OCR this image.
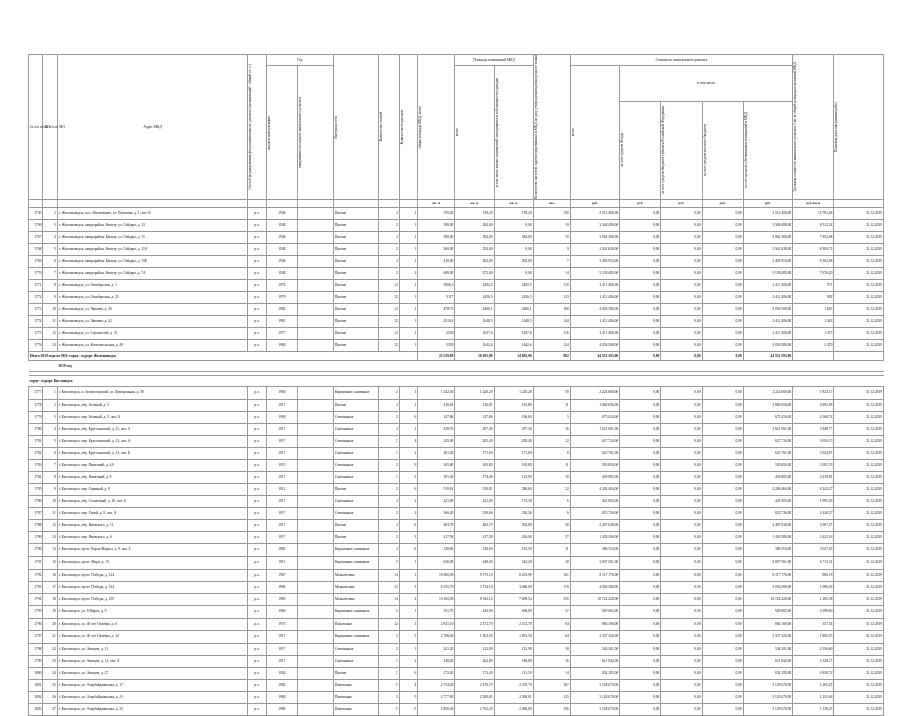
№ п/п по КП	№ п/п по МО	Адрес МКД	Способ формирования фонда капитального ремонта (специальный / общий сч. о.)	Год		Материал стен	Количество этажей	Количество подъездов	общая площадь МКД, всего	Площадь помещений МКД		Количество жителей, зарегистрированных в МКД на дату утверждения краткосрочного плана	Стоимость капитального ремонта					Удельная стоимость капитального ремонта 1 кв. м общей площади помещений МКД	Плановая дата завершения работ

				ввода в эксплуатацию	завершения последнего капитального ремонта					всего	в том числе жилых помещений, находящихся в собственности граждан		всего	в том числе					

														за счет средств Фонда	за счет средств бюджета субъекта Российской Федерации	за счет средств местного бюджета	за счет средств собственников помещений в МКД		

									кв. м	кв. м	кв. м	чел.	руб.	руб.	руб.	руб.	руб.	руб./кв.м	
1745	2	г. Железноводск, пос. Иноземцево, ул. Пушкина, д. 1, лит. В	р.о.	1948		Прочие	2	1	159,20	159,20	159,20	150	2 512 406,00	0,00	0,00	0,00	2 512 406,00	15 781,46	31.12.2019
1769	3	г. Железноводск, микрорайон. Бештау, ул. Гайдара, д. 13	р.о.	1948		Прочие	2	1	390,00	384,00	0,00	10	3 348 498,00	0,00	0,00	0,00	3 348 498,00	8 512,24	31.12.2019
1767	4	г. Железноводск, микрорайон. Бештау, ул. Гайдара, д. 15	р.о.	1948		Прочие	2	1	390,00	384,00	384,00	10	3 062 306,00	0,00	0,00	0,00	3 062 306,00	7 852,68	31.12.2019
1768	5	г. Железноводск, микрорайон. Бештау, ул. Гайдара, д. 15А	р.о.	1948		Прочие	2	1	360,00	354,00	0,00	9	2 941 638,00	0,00	0,00	0,00	2 941 638,00	8 309,71	31.12.2019
1766	6	г. Железноводск, микрорайон. Бештау, ул. Гайдара, д. 15Б	р.о.	1948		Прочие	2	1	410,00	402,00	402,00	7	3 403 954,00	0,00	0,00	0,00	3 403 954,00	9 164,96	31.12.2019
1770	7	г. Железноводск, микрорайон. Бештау, ул. Гайдара, д. 7А	р.о.	1948		Прочие	2	2	680,00	672,00	0,00	14	5 158 405,00	0,00	0,00	0,00	5 158 405,00	7 676,20	31.12.2019
1771	8	г. Железноводск, ул. Октябрьская, д. 1	р.о.	1974		Прочие	12	1	3006,3	2492,5	2492,5	119	2 411 406,00	0,00	0,00	0,00	2 411 406,00	971	31.12.2019
1772	9	г. Железноводск, ул. Октябрьская, д. 25	р.о.	1979		Прочие	12	1	3117	2456,5	2456,5	123	2 411 406,00	0,00	0,00	0,00	2 411 406,00	982	31.12.2019
1773	10	г. Железноводск, ул. Чапаева, д. 20	р.о.	1982		Прочие	12	1	4787,9	2466,1	2466,1	168	4 056 580,00	0,00	0,00	0,00	4 056 580,00	1 645	31.12.2019
1774	11	г. Железноводск, ул. Чапаева, д. 22	р.о.	1981		Прочие	12	1	2510,4	1648,5	1648,5	144	2 411 406,00	0,00	0,00	0,00	2 411 406,00	1 463	31.12.2019
1775	12	г. Железноводск, ул. Строителей, д. 31	р.о.	1977		Прочие	12	1	2548	1637,6	1637,6	116	2 411 406,00	0,00	0,00	0,00	2 411 406,00	1 473	31.12.2019
1776	13	г. Железноводск, ул. Комсомольская, д. 28	р.о.	1980		Прочие	12	1	2350	1642,6	1642,6	124	4 056 580,00	0,00	0,00	0,00	4 056 580,00	2 470	31.12.2019
Итого 2019 года по МО: город - курорт Железноводск									23 529,80	16 305,90	14 895,90	982	44 552 593,00	0,00	0,00	0,00	44 552 593,00		
2019 год																			

город - курорт Кисловодск																			
1777	1	г. Кисловодск, п. Зеленогорский, ул. Центральная, д. 58	р.о.	1960		Кирпичные, каменные	2	1	1 342,00	1 220,20	1 220,20	50	2 224 660,00	0,00	0,00	0,00	2 224 660,00	1 823,17	31.12.2019
1778	2	г. Кисловодск, пер. Зеленый, д. 3	р.о.	1917		Прочие	2	1	216,81	216,81	161,86	11	1 060 656,00	0,00	0,00	0,00	1 060 656,00	4 892,09	31.12.2019
1779	3	г. Кисловодск, пер. Зеленый, д. 5, лит. А	р.о.	1900		Смешанные	2	6	147,86	147,86	106,60	5	675 410,00	0,00	0,00	0,00	675 410,00	4 568,74	31.12.2019
1780	4	г. Кисловодск, пер. Крестьянский, д. 11, лит. А	р.о.	1917		Смешанные	2	1	428,76	297,36	297,36	16	1 021 061,00	0,00	0,00	0,00	1 021 061,00	3 948,77	31.12.2019
1781	5	г. Кисловодск, пер. Крестьянский, д. 13, лит. А	р.о.	1917		Смешанные	1	4	225,00	205,40	205,40	12	627 734,00	0,00	0,00	0,00	627 734,00	3 056,15	31.12.2019
1782	6	г. Кисловодск, пер. Крестьянский, д. 13, лит. Б	р.о.	1917		Смешанные	1	2	261,20	171,60	171,60	8	623 761,00	0,00	0,00	0,00	623 761,00	3 634,97	31.12.2019
1783	7	г. Кисловодск, пер. Пикетный, д. 4А	р.о.	1915		Смешанные	2	9	165,80	165,80	165,80	11	593 850,00	0,00	0,00	0,00	593 850,00	3 581,76	31.12.2019
1784	8	г. Кисловодск, пер. Пикетный, д. 8	р.о.	1917		Смешанные	1	3	181,30	174,40	123,90	18	456 885,00	0,00	0,00	0,00	456 885,00	2 619,81	31.12.2019
1785	9	г. Кисловодск, пер. Сиреный, д. 8	р.о.	1912		Прочие	2	6	519,81	519,81	386,60	52	4 284 464,00	0,00	0,00	0,00	4 284 464,00	8 242,37	31.12.2019
1786	10	г. Кисловодск, пер. Солнечный, д. 16, лит. Б	р.о.	1917		Смешанные	2	2	221,00	221,00	172,30	6	441 003,00	0,00	0,00	0,00	441 003,00	1 995,49	31.12.2019
1787	11	г. Кисловодск, пер. Узкий, д. 9, лит. А	р.о.	1917		Смешанные	2	2	366,20	339,66	330,36	6	823 736,00	0,00	0,00	0,00	823 736,00	2 428,57	31.12.2019
1788	12	г. Кисловодск, пер. Яновского, д. 11	р.о.	1917		Прочие	2	6	484,70	484,70	392,80	38	2 407 638,00	0,00	0,00	0,00	2 407 638,00	4 967,27	31.12.2019
1789	13	г. Кисловодск, пер. Яновского, д. 6	р.о.	1917		Прочие	2	3	417,58	417,58	416,00	37	1 430 280,00	0,00	0,00	0,00	1 430 280,00	3 425,16	31.12.2019
1790	14	г. Кисловодск, пр-кт. Карла Маркса, д. 8, лит. Б	р.о.	1881		Кирпичные, каменные	2	6	128,60	128,60	101,50	11	386 354,00	0,00	0,00	0,00	386 354,00	3 027,63	31.12.2019
1791	15	г. Кисловодск, пр-кт. Мира, д. 19	р.о.	1913		Кирпичные, каменные	3	1	640,00	448,00	342,20	28	3 007 561,00	0,00	0,00	0,00	3 007 561,00	6 713,31	31.12.2019
1792	16	г. Кисловодск, пр-кт. Победы, д. 124	р.о.	1967		Монолитные	14	1	10 560,00	9 175,10	8 453,00	161	8 117 176,00	0,00	0,00	0,00	8 117 176,00	886,18	31.12.2019
1793	17	г. Кисловодск, пр-кт. Победы, д. 134	р.о.	1984		Монолитные	12	3	6 335,70	3 734,10	3 480,00	170	4 056 580,00	0,00	0,00	0,00	4 056 580,00	1 086,36	31.12.2019
1794	18	г. Кисловодск, пр-кт. Победы, д. 159	р.о.	1985		Монолитные	14	2	10 182,00	8 343,14	7 699,54	356	10 724 220,00	0,00	0,00	0,00	10 724 220,00	1 285,38	31.12.2019
1795	19	г. Кисловодск, ул. 8 Марта, д. 9	р.о.	1960		Кирпичные, каменные	3	1	531,70	443,00	406,00	27	929 682,00	0,00	0,00	0,00	929 682,00	2 098,60	31.12.2019
1796	20	г. Кисловодск, ул. 40 лет Октября, д. 6	р.о.	1975		Панельные	12	1	2 841,10	2 472,70	2 472,70	84	884 100,00	0,00	0,00	0,00	884 100,00	357,54	31.12.2019
1797	21	г. Кисловодск, ул. 40 лет Октября, д. 24	р.о.	1917		Кирпичные, каменные	3	3	2 788,40	1 853,50	1 853,50	64	3 337 320,00	0,00	0,00	0,00	3 337 320,00	1 800,55	31.12.2019
1798	22	г. Кисловодск, ул. Аишцев, д. 11	р.о.	1917		Смешанные	2	1	221,20	212,90	212,90	18	544 301,00	0,00	0,00	0,00	544 301,00	2 556,60	31.12.2019
1799	23	г. Кисловодск, ул. Аишцев, д. 13, лит. А	р.о.	1917		Смешанные	1	2	248,20	262,80	186,80	16	611 842,00	0,00	0,00	0,00	611 842,00	2 328,17	31.12.2019
1800	24	г. Кисловодск, ул. Аишцев, д. 27	р.о.	1926		Прочие	1	6	172,40	172,40	111,10	14	834 195,00	0,00	0,00	0,00	834 195,00	4 838,72	31.12.2019
1801	25	г. Кисловодск, ул. Азербайджанская, д. 17	р.о.	1982		Панельные	5	4	2 754,40	2 470,70	2 470,70	167	3 128 670,00	0,00	0,00	0,00	3 128 670,00	1 265,25	31.12.2019
1802	26	г. Кисловодск, ул. Азербайджанская, д. 21	р.о.	1980		Панельные	5	5	2 777,80	2 500,01	2 500,01	125	3 128 670,00	0,00	0,00	0,00	3 128 670,00	1 255,46	31.12.2019
1803	27	г. Кисловодск, ул. Азербайджанская, д. 23	р.о.	1980		Панельные	5	5	2 856,40	2 762,20	2 486,80	156	3 128 670,00	0,00	0,00	0,00	3 128 670,00	1 136,25	31.12.2019
